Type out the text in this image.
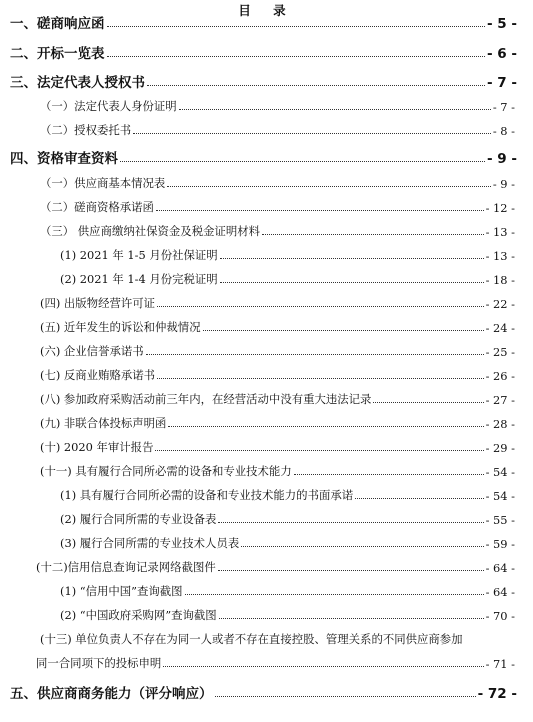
目 录
一、磋商响应函	- 5 -
二、开标一览表	- 6 -
三、法定代表人授权书	- 7 -
（一）法定代表人身份证明	- 7 -
（二）授权委托书	- 8 -
四、资格审查资料	- 9 -
（一）供应商基本情况表	- 9 -
（二）磋商资格承诺函	- 12 -
（三） 供应商缴纳社保资金及税金证明材料	- 13 -
(1) 2021 年 1-5 月份社保证明	- 13 -
(2) 2021 年 1-4 月份完税证明	- 18 -
(四) 出版物经营许可证	- 22 -
(五) 近年发生的诉讼和仲裁情况	- 24 -
(六) 企业信誉承诺书	- 25 -
(七) 反商业贿赂承诺书	- 26 -
(八) 参加政府采购活动前三年内，在经营活动中没有重大违法记录	- 27 -
(九) 非联合体投标声明函	- 28 -
(十) 2020 年审计报告	- 29 -
(十一) 具有履行合同所必需的设备和专业技术能力	- 54 -
(1) 具有履行合同所必需的设备和专业技术能力的书面承诺	- 54 -
(2) 履行合同所需的专业设备表	- 55 -
(3) 履行合同所需的专业技术人员表	- 59 -
(十二)信用信息查询记录网络截图件	- 64 -
(1) “信用中国”查询截图	- 64 -
(2) “中国政府采购网”查询截图	- 70 -
(十三) 单位负责人不存在为同一人或者不存在直接控股、管理关系的不同供应商参加
同一合同项下的投标申明	- 71 -
五、供应商商务能力（评分响应）	- 72 -
